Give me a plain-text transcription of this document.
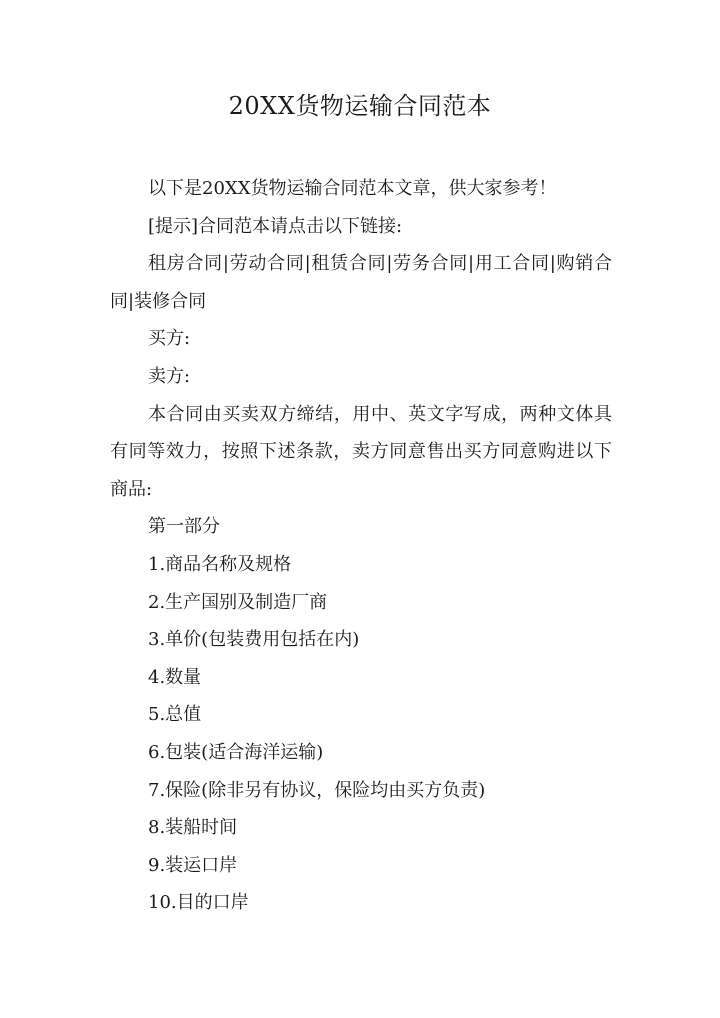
20XX货物运输合同范本

以下是20XX货物运输合同范本文章，供大家参考！

[提示]合同范本请点击以下链接:

租房合同|劳动合同|租赁合同|劳务合同|用工合同|购销合同|装修合同

买方:

卖方:

本合同由买卖双方缔结，用中、英文字写成，两种文体具有同等效力，按照下述条款，卖方同意售出买方同意购进以下商品:

第一部分

1.商品名称及规格

2.生产国别及制造厂商

3.单价(包装费用包括在内)

4.数量

5.总值

6.包装(适合海洋运输)

7.保险(除非另有协议，保险均由买方负责)

8.装船时间

9.装运口岸

10.目的口岸
